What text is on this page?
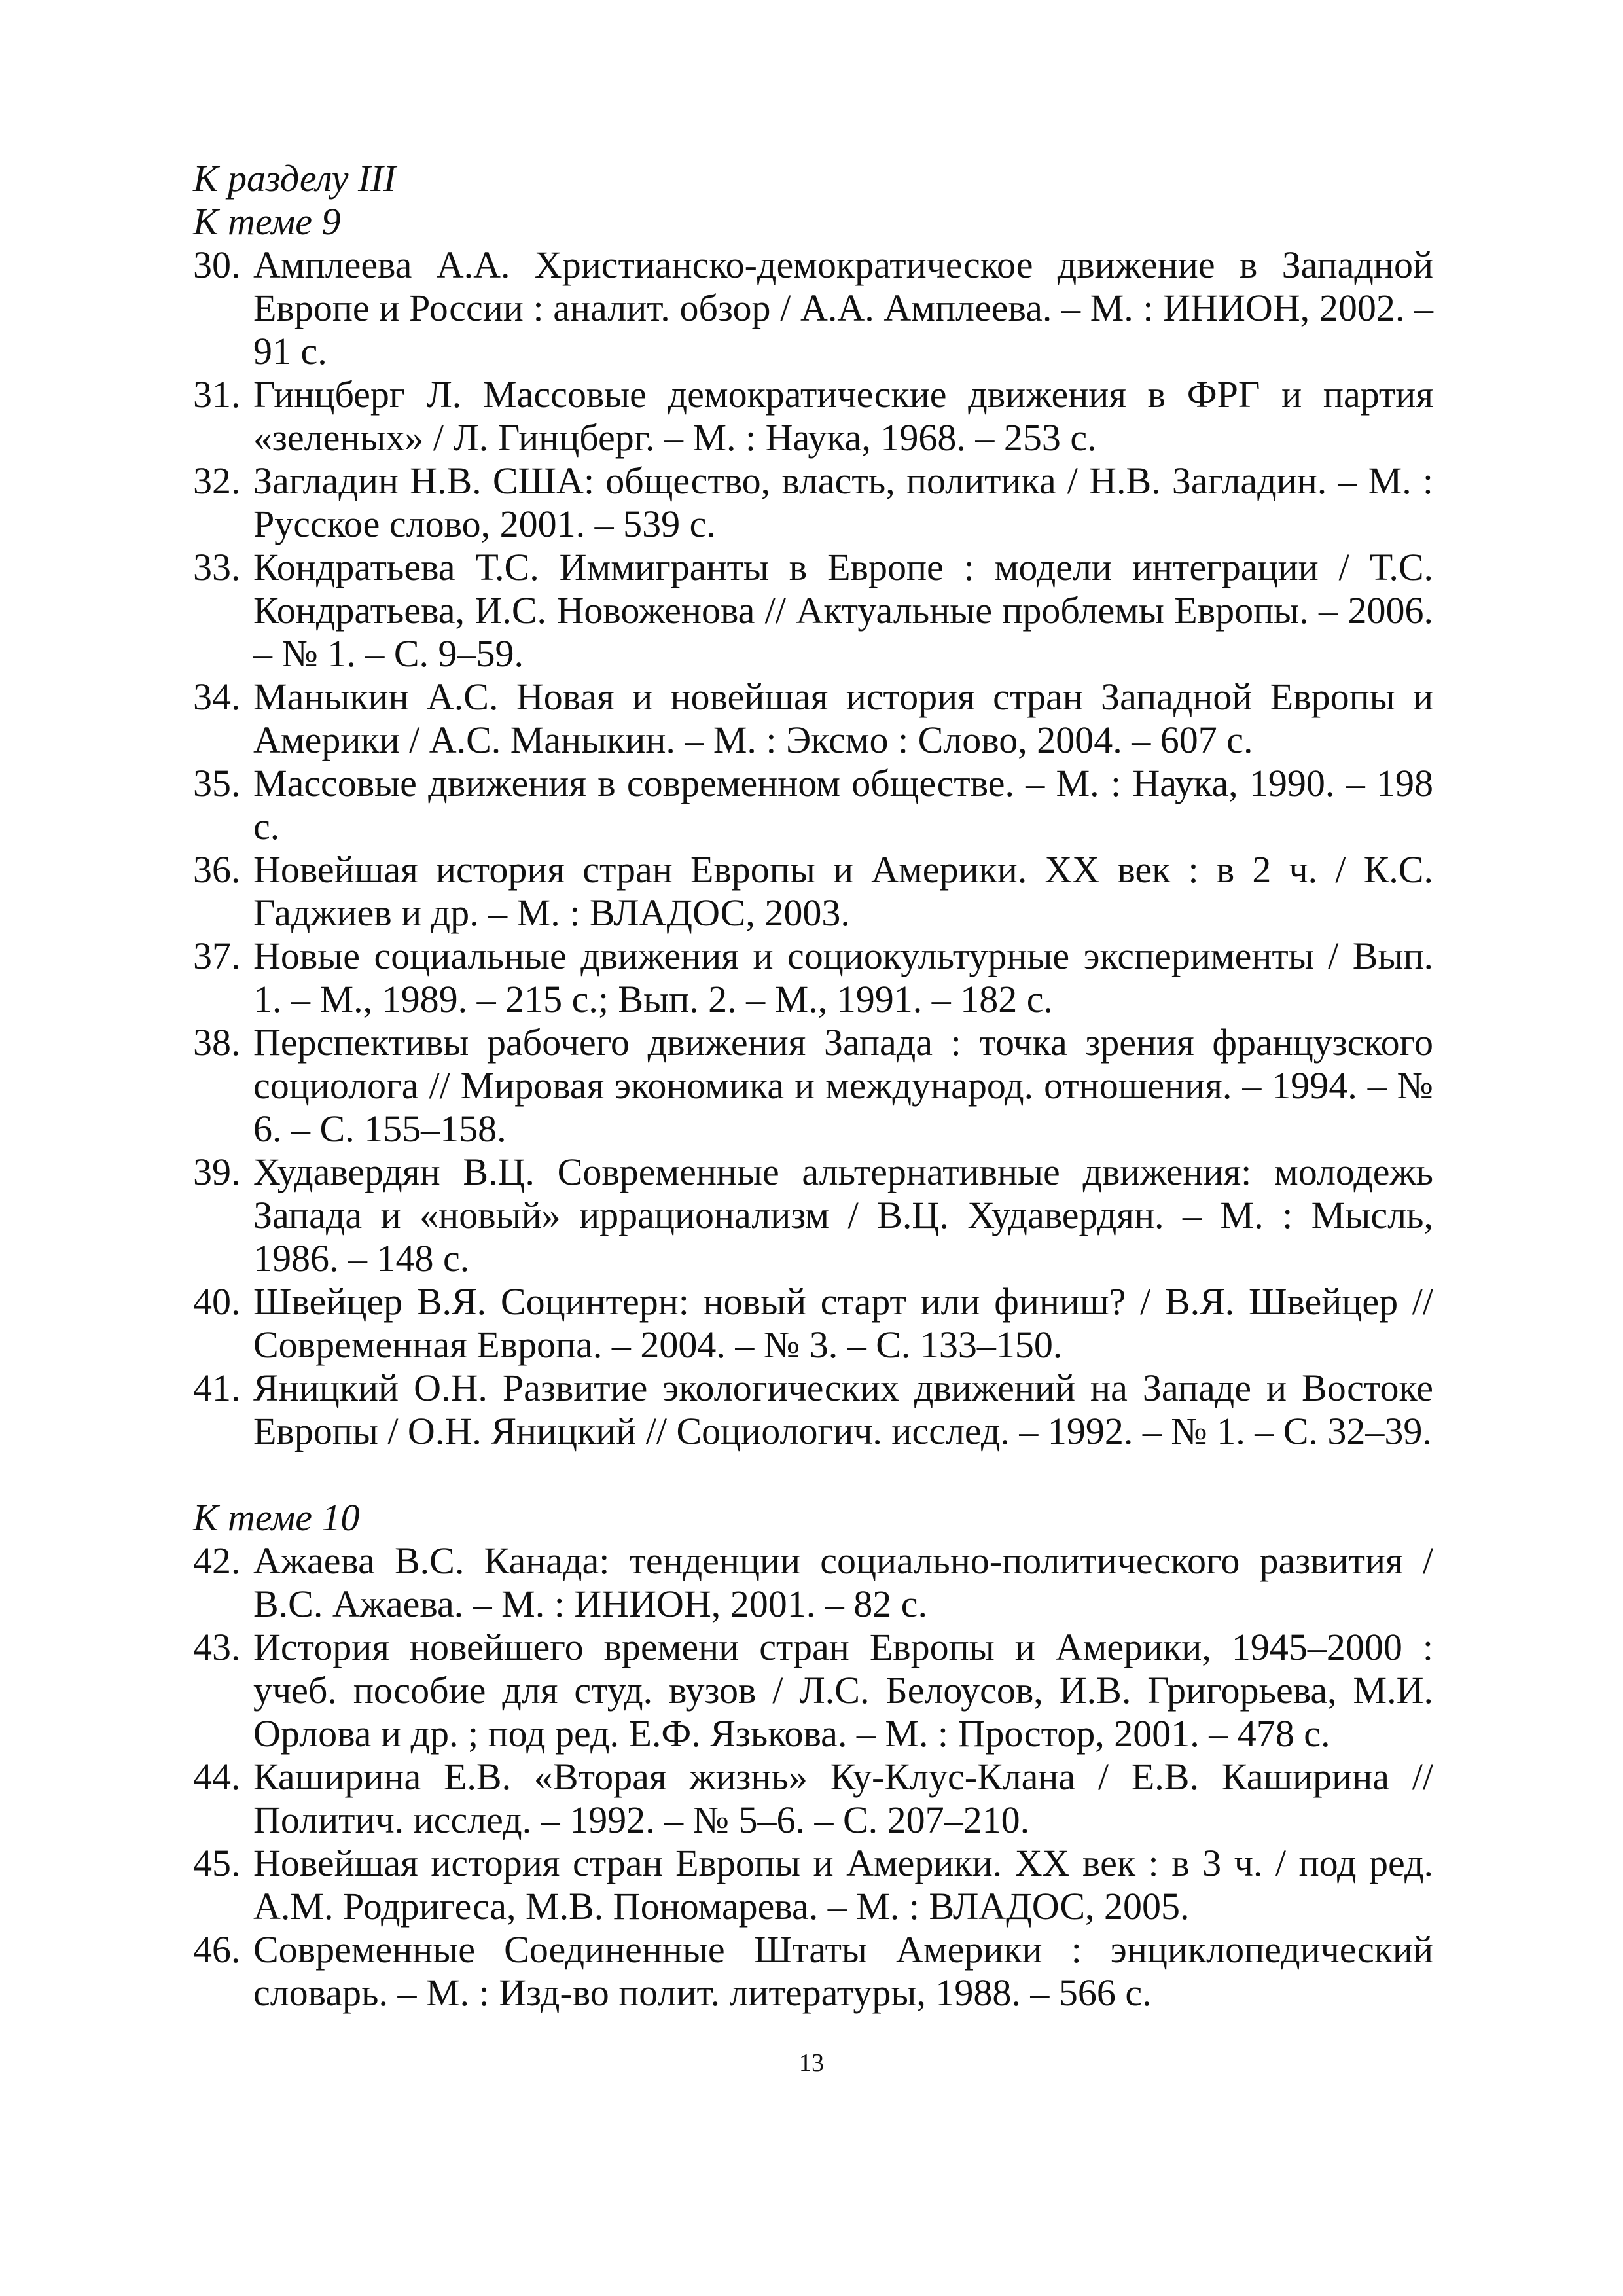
К разделу III

К теме 9

30. Амплеева А.А. Христианско-демократическое движение в Западной Европе и России : аналит. обзор / А.А. Амплеева. – М. : ИНИОН, 2002. – 91 с.
31. Гинцберг Л. Массовые демократические движения в ФРГ и партия «зеленых» / Л. Гинцберг. – М. : Наука, 1968. – 253 с.
32. Загладин Н.В. США: общество, власть, политика / Н.В. Загладин. – М. : Русское слово, 2001. – 539 с.
33. Кондратьева Т.С. Иммигранты в Европе : модели интеграции / Т.С. Кондратьева, И.С. Новоженова // Актуальные проблемы Европы. – 2006. – № 1. – С. 9–59.
34. Маныкин А.С. Новая и новейшая история стран Западной Европы и Америки / А.С. Маныкин. – М. : Эксмо : Слово, 2004. – 607 с.
35. Массовые движения в современном обществе. – М. : Наука, 1990. – 198 с.
36. Новейшая история стран Европы и Америки. XX век : в 2 ч. / К.С. Гаджиев и др. – М. : ВЛАДОС, 2003.
37. Новые социальные движения и социокультурные эксперименты / Вып. 1. – М., 1989. – 215 с.; Вып. 2. – М., 1991. – 182 с.
38. Перспективы рабочего движения Запада : точка зрения французского социолога // Мировая экономика и международ. отношения. – 1994. – № 6. – С. 155–158.
39. Худавердян В.Ц. Современные альтернативные движения: молодежь Запада и «новый» иррационализм / В.Ц. Худавердян. – М. : Мысль, 1986. – 148 с.
40. Швейцер В.Я. Социнтерн: новый старт или финиш? / В.Я. Швейцер // Современная Европа. – 2004. – № 3. – С. 133–150.
41. Яницкий О.Н. Развитие экологических движений на Западе и Востоке Европы / О.Н. Яницкий // Социологич. исслед. – 1992. – № 1. – С. 32–39.

К теме 10

42. Ажаева В.С. Канада: тенденции социально-политического развития / В.С. Ажаева. – М. : ИНИОН, 2001. – 82 с.
43. История новейшего времени стран Европы и Америки, 1945–2000 : учеб. пособие для студ. вузов / Л.С. Белоусов, И.В. Григорьева, М.И. Орлова и др. ; под ред. Е.Ф. Язькова. – М. : Простор, 2001. – 478 с.
44. Каширина Е.В. «Вторая жизнь» Ку-Клус-Клана / Е.В. Каширина // Политич. исслед. – 1992. – № 5–6. – С. 207–210.
45. Новейшая история стран Европы и Америки. XX век : в 3 ч. / под ред. А.М. Родригеса, М.В. Пономарева. – М. : ВЛАДОС, 2005.
46. Современные Соединенные Штаты Америки : энциклопедический словарь. – М. : Изд-во полит. литературы, 1988. – 566 с.
13
